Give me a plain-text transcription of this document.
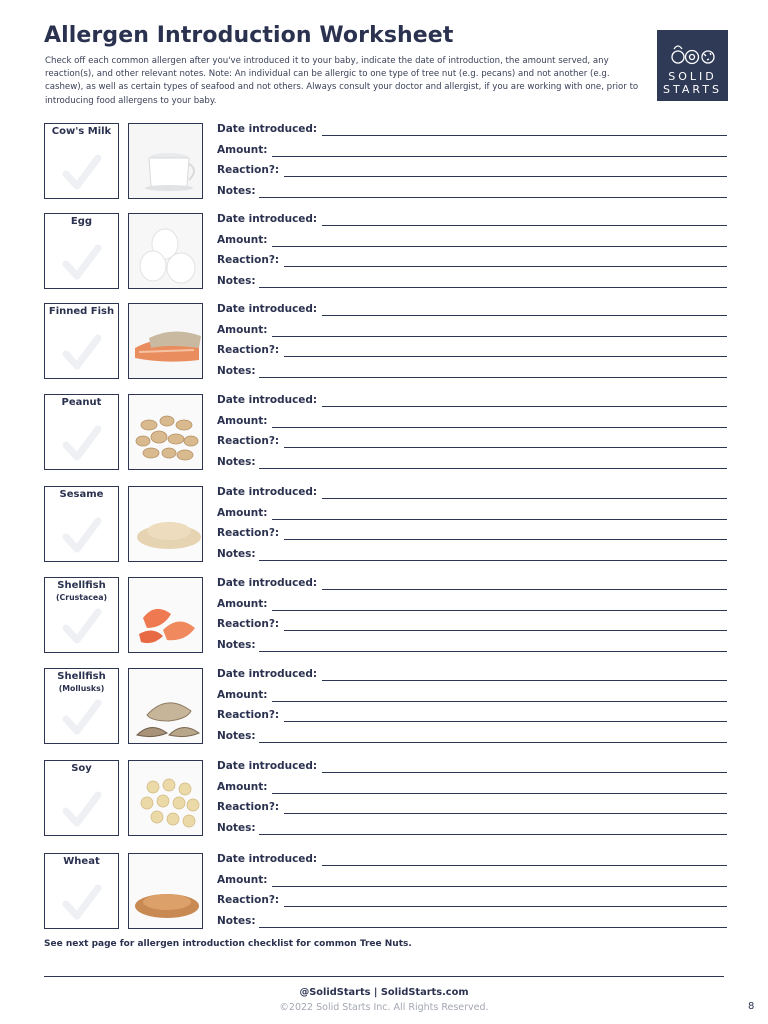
Allergen Introduction Worksheet
Check off each common allergen after you've introduced it to your baby, indicate the date of introduction, the amount served, any reaction(s), and other relevant notes. Note: An individual can be allergic to one type of tree nut (e.g. pecans) and not another (e.g. cashew), as well as certain types of seafood and not others. Always consult your doctor and allergist, if you are working with one, prior to introducing food allergens to your baby.
SOLID
STARTS
Cow's Milk	Date introduced:
Amount:
Reaction?:
Notes:
Egg	Date introduced:
Amount:
Reaction?:
Notes:
Finned Fish	Date introduced:
Amount:
Reaction?:
Notes:
Peanut	Date introduced:
Amount:
Reaction?:
Notes:
Sesame	Date introduced:
Amount:
Reaction?:
Notes:
Shellfish
(Crustacea)
Date introduced:
Amount:
Reaction?:
Notes:
Shellfish
(Mollusks)
Date introduced:
Amount:
Reaction?:
Notes:
Soy	Date introduced:
Amount:
Reaction?:
Notes:
Wheat	Date introduced:
Amount:
Reaction?:
Notes:
See next page for allergen introduction checklist for common Tree Nuts.
@SolidStarts | SolidStarts.com
©2022 Solid Starts Inc. All Rights Reserved.	8
